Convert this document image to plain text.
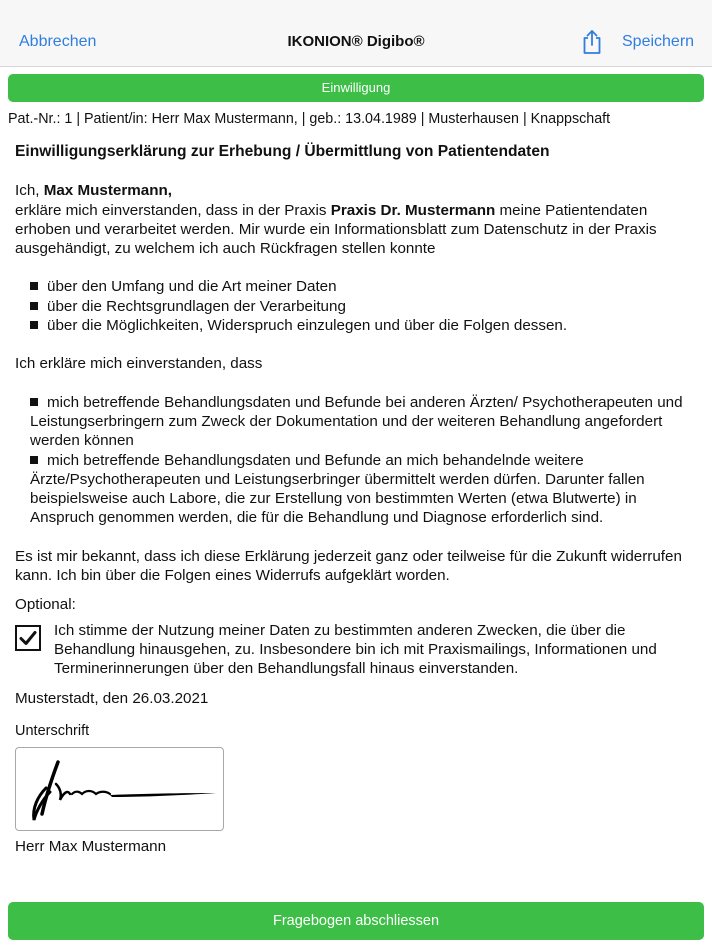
Abbrechen	IKONION® Digibo®	Speichern
Einwilligung
Pat.-Nr.: 1 | Patient/in: Herr Max Mustermann, | geb.: 13.04.1989 | Musterhausen | Knappschaft
Einwilligungserklärung zur Erhebung / Übermittlung von Patientendaten

Ich, Max Mustermann,

erkläre mich einverstanden, dass in der Praxis Praxis Dr. Mustermann meine Patientendaten erhoben und verarbeitet werden. Mir wurde ein Informationsblatt zum Datenschutz in der Praxis ausgehändigt, zu welchem ich auch Rückfragen stellen konnte

über den Umfang und die Art meiner Daten
über die Rechtsgrundlagen der Verarbeitung
über die Möglichkeiten, Widerspruch einzulegen und über die Folgen dessen.

Ich erkläre mich einverstanden, dass

mich betreffende Behandlungsdaten und Befunde bei anderen Ärzten/ Psychotherapeuten und Leistungserbringern zum Zweck der Dokumentation und der weiteren Behandlung angefordert werden können
mich betreffende Behandlungsdaten und Befunde an mich behandelnde weitere Ärzte/Psychotherapeuten und Leistungserbringer übermittelt werden dürfen. Darunter fallen beispielsweise auch Labore, die zur Erstellung von bestimmten Werten (etwa Blutwerte) in Anspruch genommen werden, die für die Behandlung und Diagnose erforderlich sind.

Es ist mir bekannt, dass ich diese Erklärung jederzeit ganz oder teilweise für die Zukunft widerrufen kann. Ich bin über die Folgen eines Widerrufs aufgeklärt worden.

Optional:

Ich stimme der Nutzung meiner Daten zu bestimmten anderen Zwecken, die über die Behandlung hinausgehen, zu. Insbesondere bin ich mit Praxismailings, Informationen und Terminerinnerungen über den Behandlungsfall hinaus einverstanden.

Musterstadt, den 26.03.2021

Unterschrift
Herr Max Mustermann
Fragebogen abschliessen
